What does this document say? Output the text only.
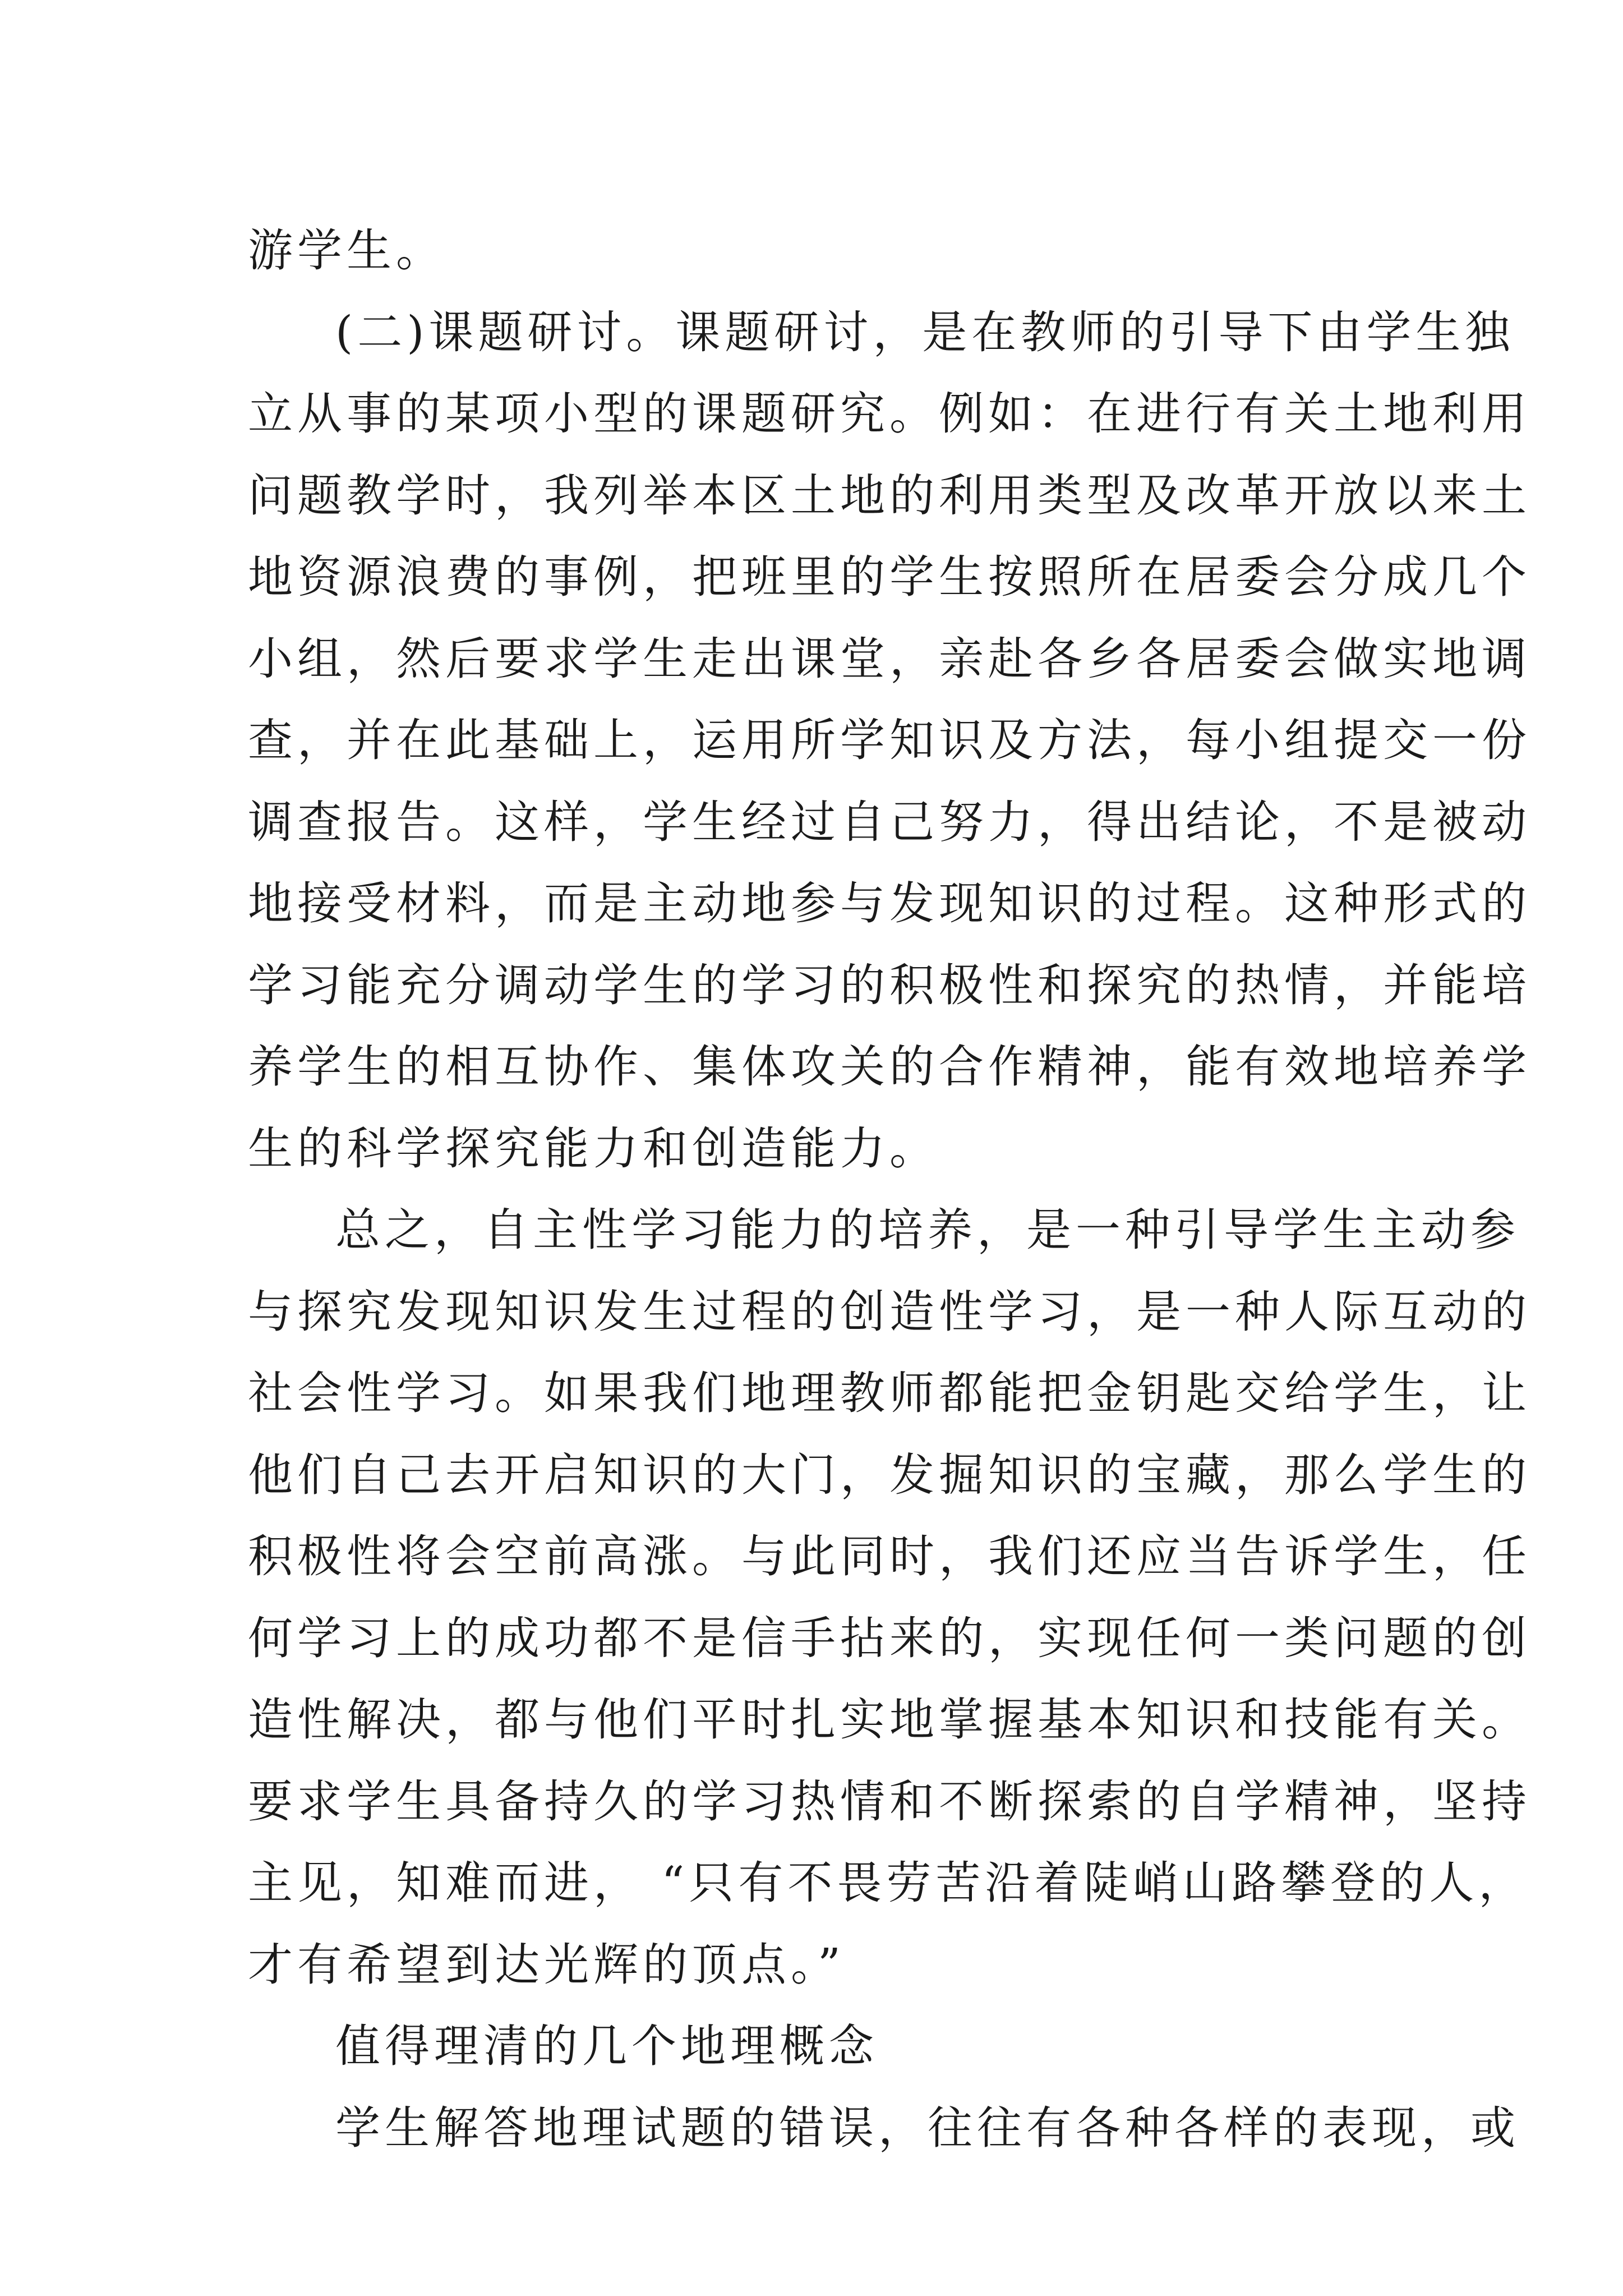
游学生。
(二)课题研讨。课题研讨，是在教师的引导下由学生独
立从事的某项小型的课题研究。例如：在进行有关土地利用
问题教学时，我列举本区土地的利用类型及改革开放以来土
地资源浪费的事例，把班里的学生按照所在居委会分成几个
小组，然后要求学生走出课堂，亲赴各乡各居委会做实地调
查，并在此基础上，运用所学知识及方法，每小组提交一份
调查报告。这样，学生经过自己努力，得出结论，不是被动
地接受材料，而是主动地参与发现知识的过程。这种形式的
学习能充分调动学生的学习的积极性和探究的热情，并能培
养学生的相互协作、集体攻关的合作精神，能有效地培养学
生的科学探究能力和创造能力。
总之，自主性学习能力的培养，是一种引导学生主动参
与探究发现知识发生过程的创造性学习，是一种人际互动的
社会性学习。如果我们地理教师都能把金钥匙交给学生，让
他们自己去开启知识的大门，发掘知识的宝藏，那么学生的
积极性将会空前高涨。与此同时，我们还应当告诉学生，任
何学习上的成功都不是信手拈来的，实现任何一类问题的创
造性解决，都与他们平时扎实地掌握基本知识和技能有关。
要求学生具备持久的学习热情和不断探索的自学精神，坚持
主见，知难而进， “只有不畏劳苦沿着陡峭山路攀登的人，
才有希望到达光辉的顶点。”
值得理清的几个地理概念
学生解答地理试题的错误，往往有各种各样的表现，或
